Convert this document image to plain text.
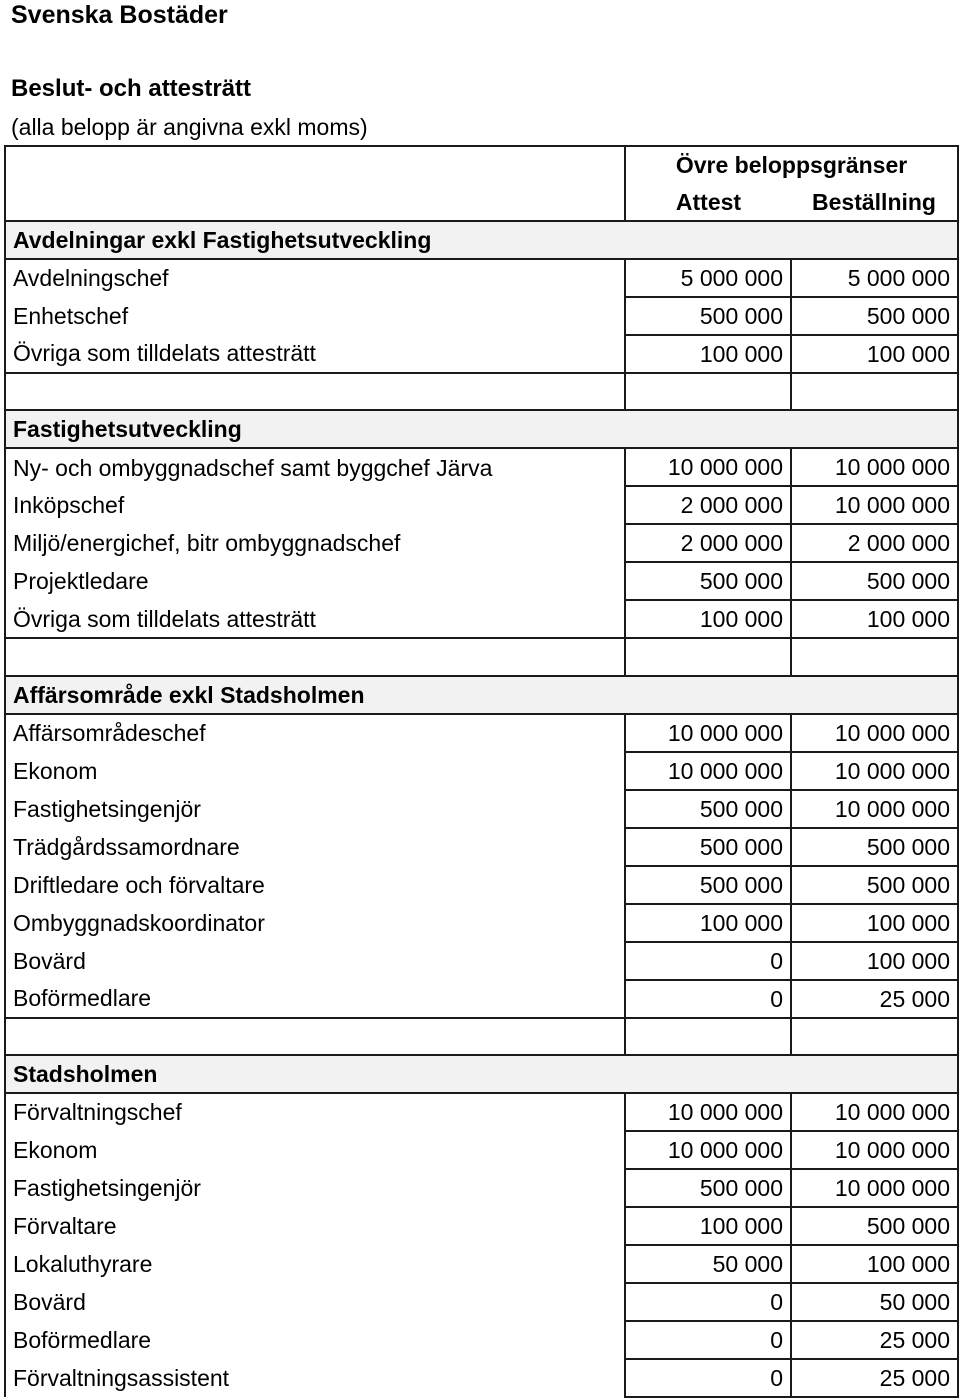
Svenska Bostäder
Beslut- och attesträtt
(alla belopp är angivna exkl moms)
	Övre beloppsgränser	
	Attest	Beställning
Avdelningar exkl Fastighetsutveckling		
Avdelningschef	5 000 000	5 000 000
Enhetschef	500 000	500 000
Övriga som tilldelats attesträtt	100 000	100 000

Fastighetsutveckling		
Ny- och ombyggnadschef samt byggchef Järva	10 000 000	10 000 000
Inköpschef	2 000 000	10 000 000
Miljö/energichef, bitr ombyggnadschef	2 000 000	2 000 000
Projektledare	500 000	500 000
Övriga som tilldelats attesträtt	100 000	100 000

Affärsområde exkl Stadsholmen		
Affärsområdeschef	10 000 000	10 000 000
Ekonom	10 000 000	10 000 000
Fastighetsingenjör	500 000	10 000 000
Trädgårdssamordnare	500 000	500 000
Driftledare och förvaltare	500 000	500 000
Ombyggnadskoordinator	100 000	100 000
Bovärd	0	100 000
Boförmedlare	0	25 000

Stadsholmen		
Förvaltningschef	10 000 000	10 000 000
Ekonom	10 000 000	10 000 000
Fastighetsingenjör	500 000	10 000 000
Förvaltare	100 000	500 000
Lokaluthyrare	50 000	100 000
Bovärd	0	50 000
Boförmedlare	0	25 000
Förvaltningsassistent	0	25 000
